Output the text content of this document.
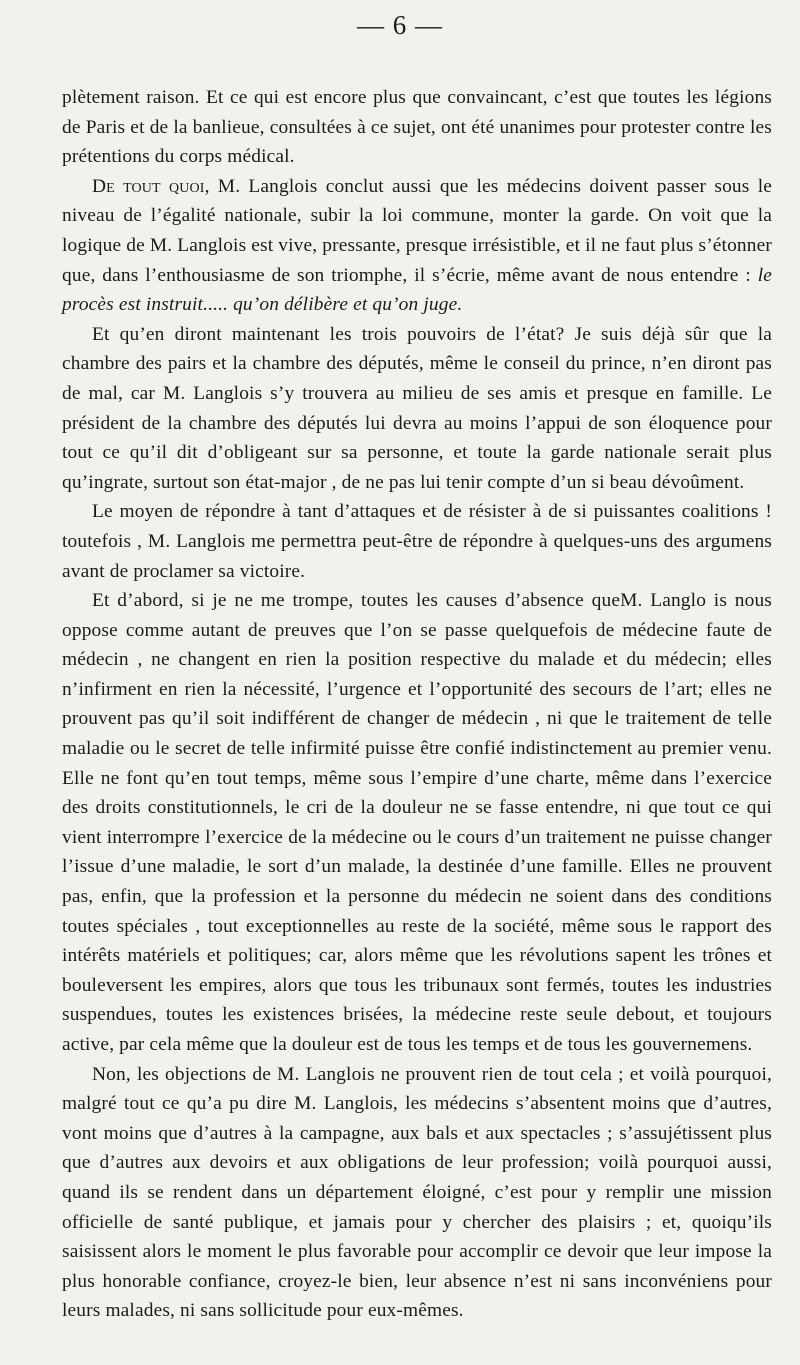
— 6 —

plètement raison. Et ce qui est encore plus que convaincant, c’est que toutes les légions de Paris et de la banlieue, consultées à ce sujet, ont été unanimes pour protester contre les prétentions du corps médical.

De tout quoi, M. Langlois conclut aussi que les médecins doivent passer sous le niveau de l’égalité nationale, subir la loi commune, monter la garde. On voit que la logique de M. Langlois est vive, pressante, presque irrésistible, et il ne faut plus s’étonner que, dans l’enthousiasme de son triomphe, il s’écrie, même avant de nous entendre : le procès est instruit..... qu’on délibère et qu’on juge.

Et qu’en diront maintenant les trois pouvoirs de l’état? Je suis déjà sûr que la chambre des pairs et la chambre des députés, même le conseil du prince, n’en diront pas de mal, car M. Langlois s’y trouvera au milieu de ses amis et presque en famille. Le président de la chambre des députés lui devra au moins l’appui de son éloquence pour tout ce qu’il dit d’obligeant sur sa personne, et toute la garde nationale serait plus qu’ingrate, surtout son état-major , de ne pas lui tenir compte d’un si beau dévoûment.

Le moyen de répondre à tant d’attaques et de résister à de si puissantes coalitions ! toutefois , M. Langlois me permettra peut-être de répondre à quelques-uns des argumens avant de proclamer sa victoire.

Et d’abord, si je ne me trompe, toutes les causes d’absence queM. Langlo is nous oppose comme autant de preuves que l’on se passe quelquefois de médecine faute de médecin , ne changent en rien la position respective du malade et du médecin; elles n’infirment en rien la nécessité, l’urgence et l’opportunité des secours de l’art; elles ne prouvent pas qu’il soit indifférent de changer de médecin , ni que le traitement de telle maladie ou le secret de telle infirmité puisse être confié indistinctement au premier venu. Elle ne font qu’en tout temps, même sous l’empire d’une charte, même dans l’exercice des droits constitutionnels, le cri de la douleur ne se fasse entendre, ni que tout ce qui vient interrompre l’exercice de la médecine ou le cours d’un traitement ne puisse changer l’issue d’une maladie, le sort d’un malade, la destinée d’une famille. Elles ne prouvent pas, enfin, que la profession et la personne du médecin ne soient dans des conditions toutes spéciales , tout exceptionnelles au reste de la société, même sous le rapport des intérêts matériels et politiques; car, alors même que les révolutions sapent les trônes et bouleversent les empires, alors que tous les tribunaux sont fermés, toutes les industries suspendues, toutes les existences brisées, la médecine reste seule debout, et toujours active, par cela même que la douleur est de tous les temps et de tous les gouvernemens.

Non, les objections de M. Langlois ne prouvent rien de tout cela ; et voilà pourquoi, malgré tout ce qu’a pu dire M. Langlois, les médecins s’absentent moins que d’autres, vont moins que d’autres à la campagne, aux bals et aux spectacles ; s’assujétissent plus que d’autres aux devoirs et aux obligations de leur profession; voilà pourquoi aussi, quand ils se rendent dans un département éloigné, c’est pour y remplir une mission officielle de santé publique, et jamais pour y chercher des plaisirs ; et, quoiqu’ils saisissent alors le moment le plus favorable pour accomplir ce devoir que leur impose la plus honorable confiance, croyez-le bien, leur absence n’est ni sans inconvéniens pour leurs malades, ni sans sollicitude pour eux-mêmes.
